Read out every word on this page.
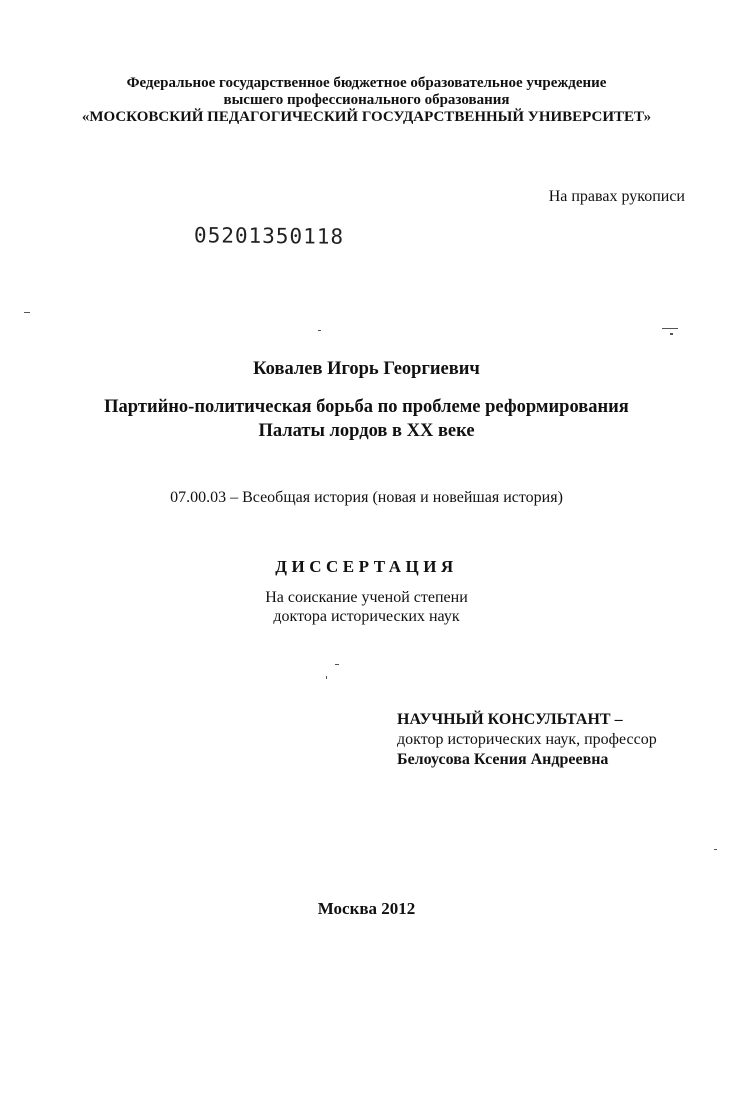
Федеральное государственное бюджетное образовательное учреждение
высшего профессионального образования
«МОСКОВСКИЙ ПЕДАГОГИЧЕСКИЙ ГОСУДАРСТВЕННЫЙ УНИВЕРСИТЕТ»
На правах рукописи
05201350118
Ковалев Игорь Георгиевич
Партийно-политическая борьба по проблеме реформирования
Палаты лордов в XX веке
07.00.03 – Всеобщая история (новая и новейшая история)
ДИССЕРТАЦИЯ
На соискание ученой степени
доктора исторических наук
НАУЧНЫЙ КОНСУЛЬТАНТ –
доктор исторических наук, профессор
Белоусова Ксения Андреевна
Москва 2012
